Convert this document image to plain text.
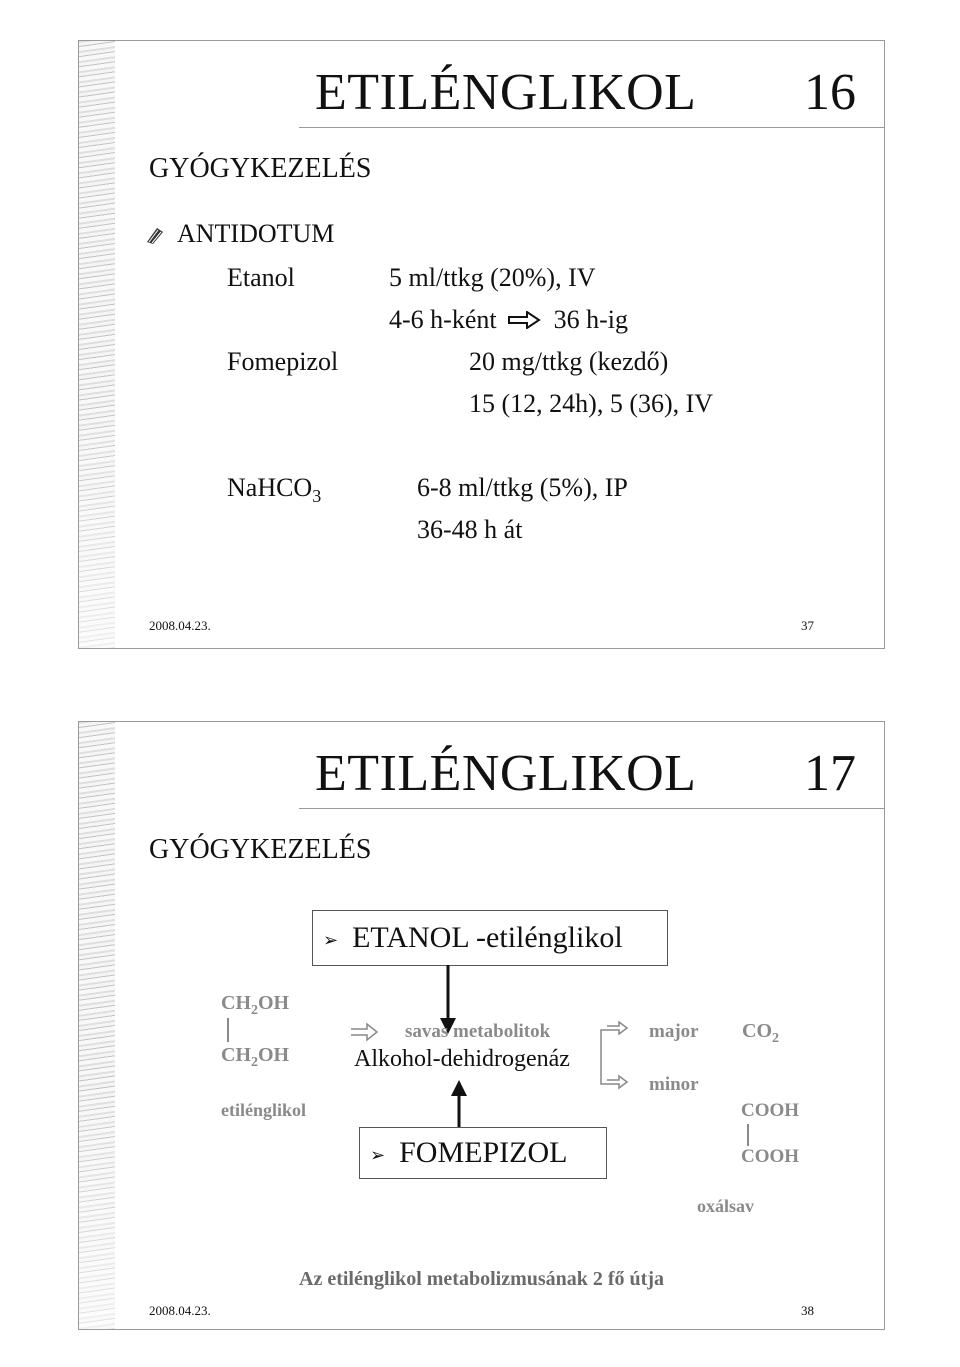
ETILÉNGLIKOL 16
GYÓGYKEZELÉS
ANTIDOTUM
Etanol	5 ml/ttkg (20%), IV
4-6 h-ként 36 h-ig
Fomepizol	20 mg/ttkg (kezdő)
15 (12, 24h), 5 (36), IV
NaHCO$_3$	6-8 ml/ttkg (5%), IP
36-48 h át
2008.04.23.	37
ETILÉNGLIKOL 17
GYÓGYKEZELÉS
➢ ETANOL -etilénglikol
$CH_2OH$
$CH_2OH$
etilénglikol
savas metabolitok
Alkohol-dehidrogenáz
major
minor
$CO_2$
COOH
COOH
oxálsav
➢ FOMEPIZOL
Az etilénglikol metabolizmusának 2 fő útja
2008.04.23.	38
